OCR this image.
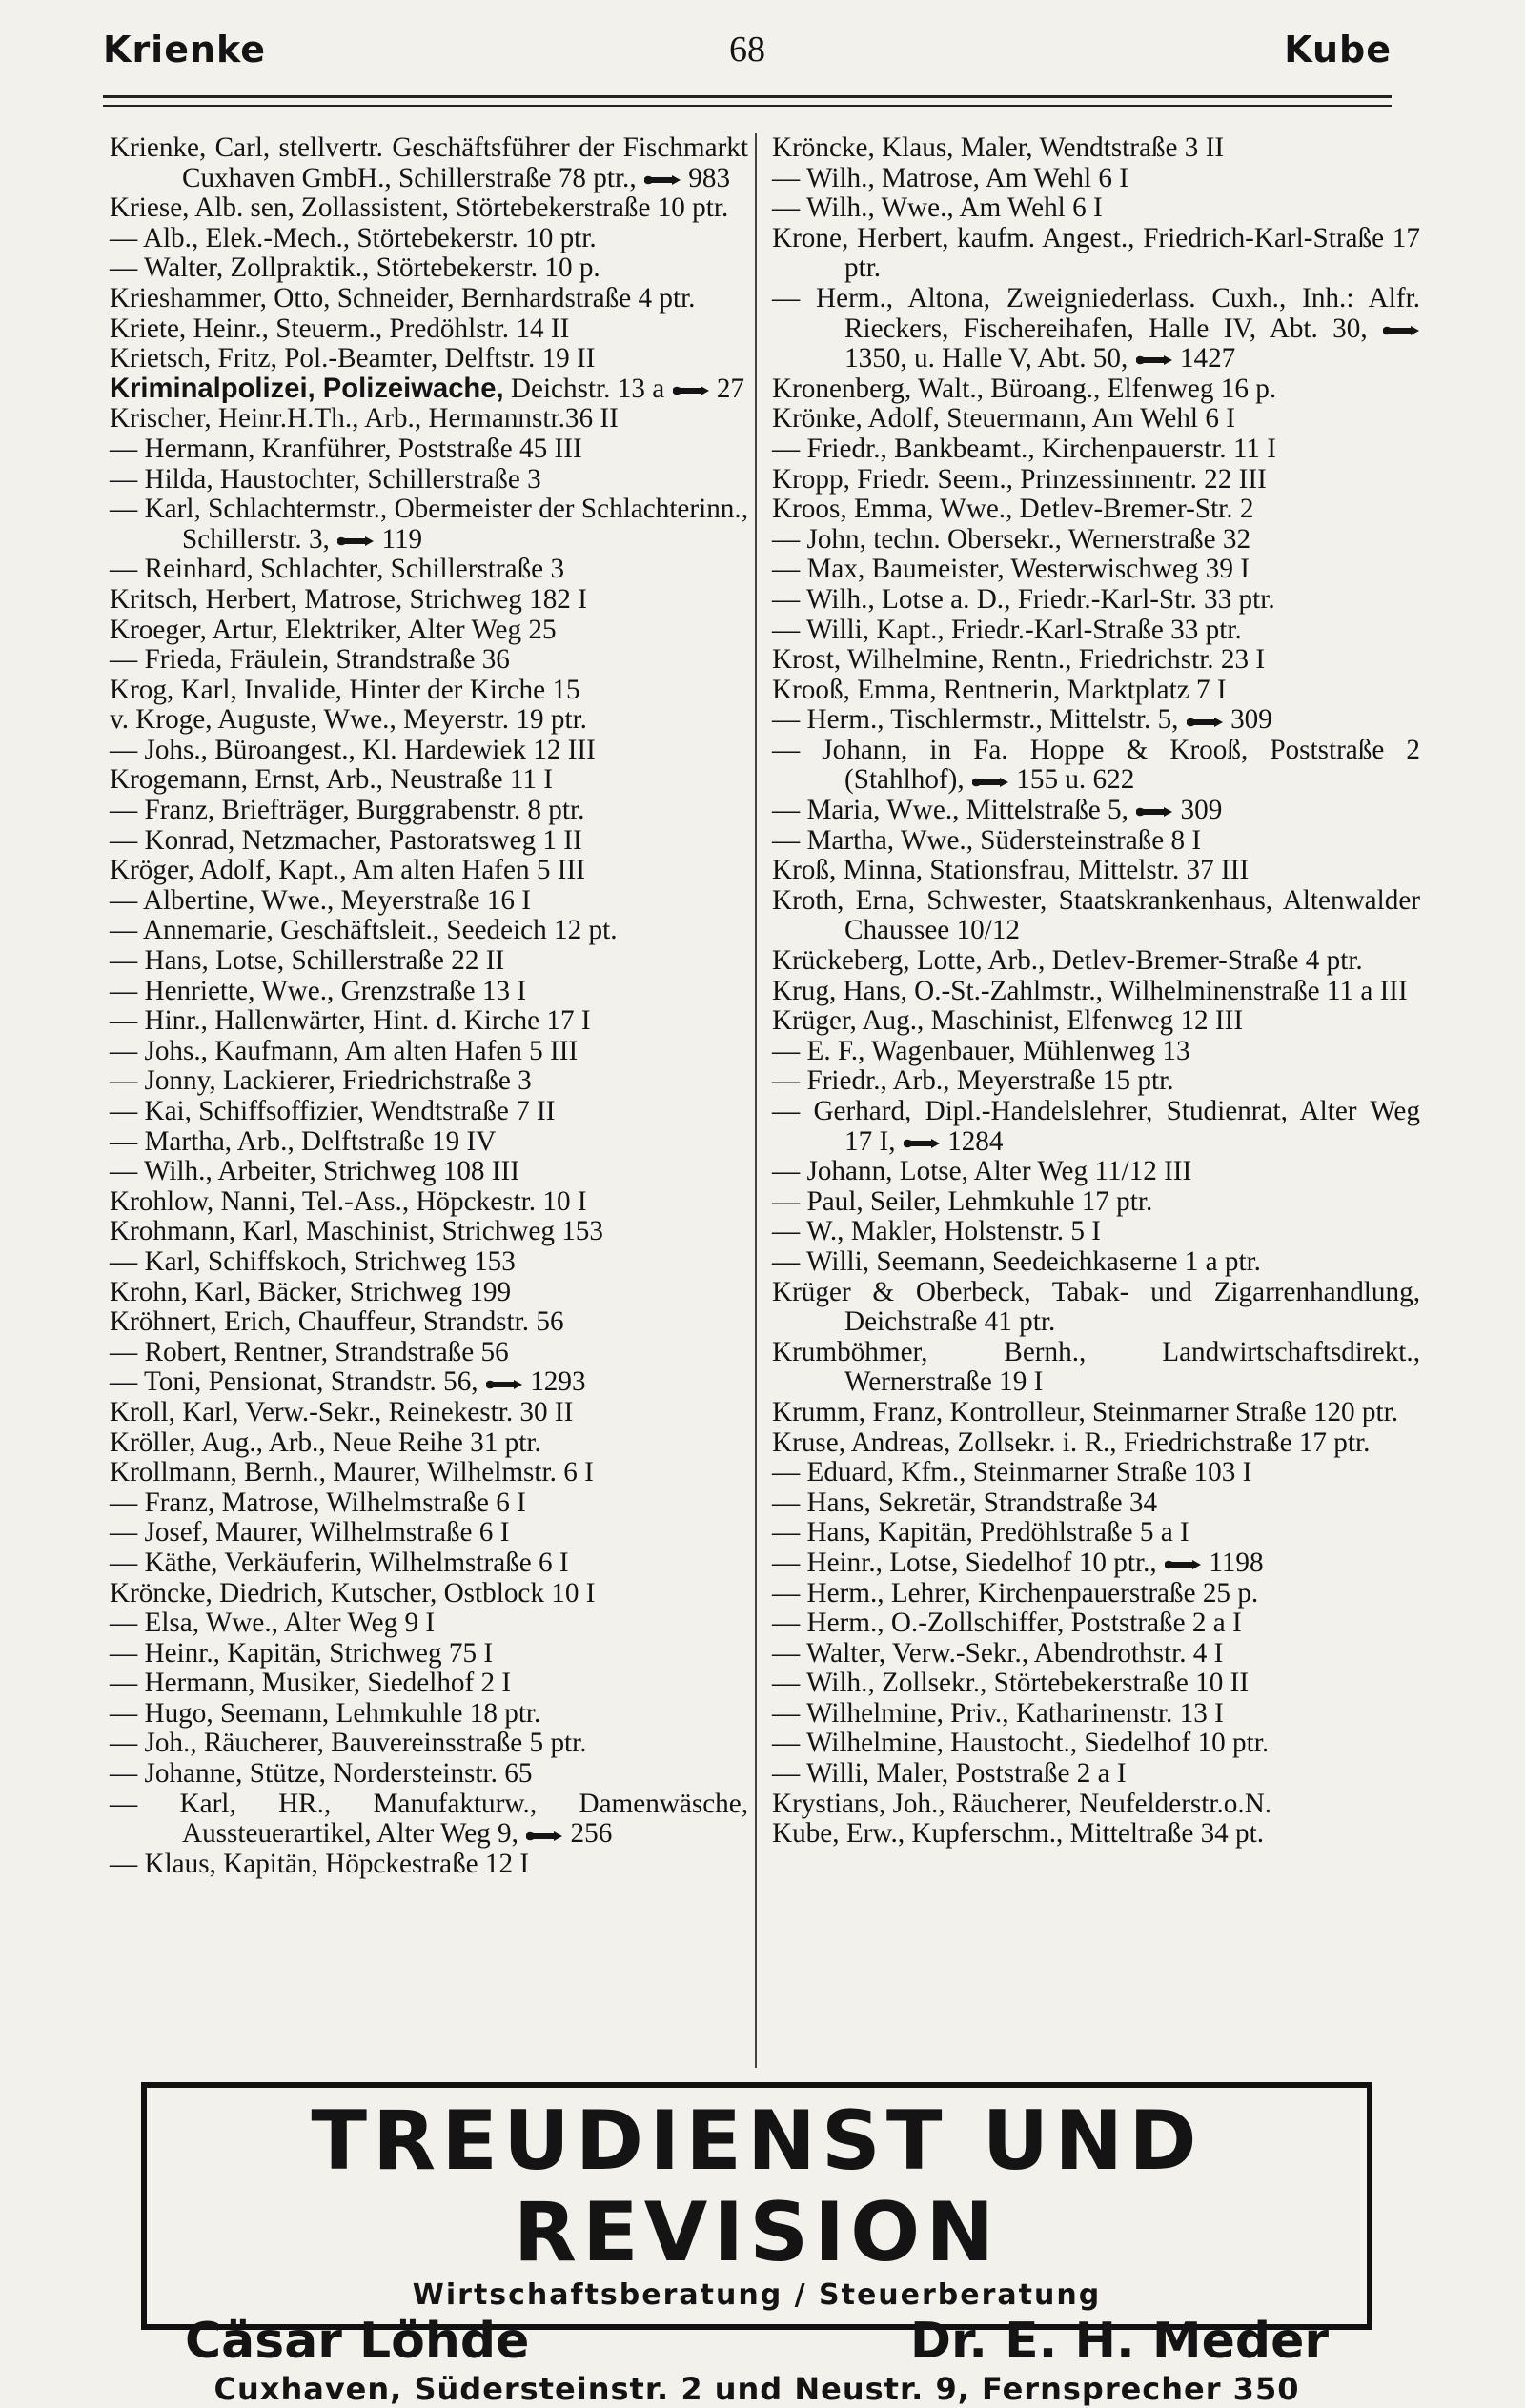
Krienke	68	Kube

Krienke, Carl, stellvertr. Geschäftsführer der Fischmarkt Cuxhaven GmbH., Schillerstraße 78 ptr.,  983

Kriese, Alb. sen, Zollassistent, Störtebekerstraße 10 ptr.

— Alb., Elek.-Mech., Störtebekerstr. 10 ptr.

— Walter, Zollpraktik., Störtebekerstr. 10 p.

Krieshammer, Otto, Schneider, Bernhardstraße 4 ptr.

Kriete, Heinr., Steuerm., Predöhlstr. 14 II

Krietsch, Fritz, Pol.-Beamter, Delftstr. 19 II

Kriminalpolizei, Polizeiwache, Deichstr. 13 a  27

Krischer, Heinr.H.Th., Arb., Hermannstr.36 II

— Hermann, Kranführer, Poststraße 45 III

— Hilda, Haustochter, Schillerstraße 3

— Karl, Schlachtermstr., Obermeister der Schlachterinn., Schillerstr. 3,  119

— Reinhard, Schlachter, Schillerstraße 3

Kritsch, Herbert, Matrose, Strichweg 182 I

Kroeger, Artur, Elektriker, Alter Weg 25

— Frieda, Fräulein, Strandstraße 36

Krog, Karl, Invalide, Hinter der Kirche 15

v. Kroge, Auguste, Wwe., Meyerstr. 19 ptr.

— Johs., Büroangest., Kl. Hardewiek 12 III

Krogemann, Ernst, Arb., Neustraße 11 I

— Franz, Briefträger, Burggrabenstr. 8 ptr.

— Konrad, Netzmacher, Pastoratsweg 1 II

Kröger, Adolf, Kapt., Am alten Hafen 5 III

— Albertine, Wwe., Meyerstraße 16 I

— Annemarie, Geschäftsleit., Seedeich 12 pt.

— Hans, Lotse, Schillerstraße 22 II

— Henriette, Wwe., Grenzstraße 13 I

— Hinr., Hallenwärter, Hint. d. Kirche 17 I

— Johs., Kaufmann, Am alten Hafen 5 III

— Jonny, Lackierer, Friedrichstraße 3

— Kai, Schiffsoffizier, Wendtstraße 7 II

— Martha, Arb., Delftstraße 19 IV

— Wilh., Arbeiter, Strichweg 108 III

Krohlow, Nanni, Tel.-Ass., Höpckestr. 10 I

Krohmann, Karl, Maschinist, Strichweg 153

— Karl, Schiffskoch, Strichweg 153

Krohn, Karl, Bäcker, Strichweg 199

Kröhnert, Erich, Chauffeur, Strandstr. 56

— Robert, Rentner, Strandstraße 56

— Toni, Pensionat, Strandstr. 56,  1293

Kroll, Karl, Verw.-Sekr., Reinekestr. 30 II

Kröller, Aug., Arb., Neue Reihe 31 ptr.

Krollmann, Bernh., Maurer, Wilhelmstr. 6 I

— Franz, Matrose, Wilhelmstraße 6 I

— Josef, Maurer, Wilhelmstraße 6 I

— Käthe, Verkäuferin, Wilhelmstraße 6 I

Kröncke, Diedrich, Kutscher, Ostblock 10 I

— Elsa, Wwe., Alter Weg 9 I

— Heinr., Kapitän, Strichweg 75 I

— Hermann, Musiker, Siedelhof 2 I

— Hugo, Seemann, Lehmkuhle 18 ptr.

— Joh., Räucherer, Bauvereinsstraße 5 ptr.

— Johanne, Stütze, Nordersteinstr. 65

— Karl, HR., Manufakturw., Damenwäsche, Aussteuerartikel, Alter Weg 9,  256

— Klaus, Kapitän, Höpckestraße 12 I

Kröncke, Klaus, Maler, Wendtstraße 3 II

— Wilh., Matrose, Am Wehl 6 I

— Wilh., Wwe., Am Wehl 6 I

Krone, Herbert, kaufm. Angest., Friedrich-Karl-Straße 17 ptr.

— Herm., Altona, Zweigniederlass. Cuxh., Inh.: Alfr. Rieckers, Fischereihafen, Halle IV, Abt. 30,  1350, u. Halle V, Abt. 50,  1427

Kronenberg, Walt., Büroang., Elfenweg 16 p.

Krönke, Adolf, Steuermann, Am Wehl 6 I

— Friedr., Bankbeamt., Kirchenpauerstr. 11 I

Kropp, Friedr. Seem., Prinzessinnentr. 22 III

Kroos, Emma, Wwe., Detlev-Bremer-Str. 2

— John, techn. Obersekr., Wernerstraße 32

— Max, Baumeister, Westerwischweg 39 I

— Wilh., Lotse a. D., Friedr.-Karl-Str. 33 ptr.

— Willi, Kapt., Friedr.-Karl-Straße 33 ptr.

Krost, Wilhelmine, Rentn., Friedrichstr. 23 I

Krooß, Emma, Rentnerin, Marktplatz 7 I

— Herm., Tischlermstr., Mittelstr. 5,  309

— Johann, in Fa. Hoppe & Krooß, Poststraße 2 (Stahlhof),  155 u. 622

— Maria, Wwe., Mittelstraße 5,  309

— Martha, Wwe., Südersteinstraße 8 I

Kroß, Minna, Stationsfrau, Mittelstr. 37 III

Kroth, Erna, Schwester, Staatskrankenhaus, Altenwalder Chaussee 10/12

Krückeberg, Lotte, Arb., Detlev-Bremer-Straße 4 ptr.

Krug, Hans, O.-St.-Zahlmstr., Wilhelminenstraße 11 a III

Krüger, Aug., Maschinist, Elfenweg 12 III

— E. F., Wagenbauer, Mühlenweg 13

— Friedr., Arb., Meyerstraße 15 ptr.

— Gerhard, Dipl.-Handelslehrer, Studienrat, Alter Weg 17 I,  1284

— Johann, Lotse, Alter Weg 11/12 III

— Paul, Seiler, Lehmkuhle 17 ptr.

— W., Makler, Holstenstr. 5 I

— Willi, Seemann, Seedeichkaserne 1 a ptr.

Krüger & Oberbeck, Tabak- und Zigarrenhandlung, Deichstraße 41 ptr.

Krumböhmer, Bernh., Landwirtschaftsdirekt., Wernerstraße 19 I

Krumm, Franz, Kontrolleur, Steinmarner Straße 120 ptr.

Kruse, Andreas, Zollsekr. i. R., Friedrichstraße 17 ptr.

— Eduard, Kfm., Steinmarner Straße 103 I

— Hans, Sekretär, Strandstraße 34

— Hans, Kapitän, Predöhlstraße 5 a I

— Heinr., Lotse, Siedelhof 10 ptr.,  1198

— Herm., Lehrer, Kirchenpauerstraße 25 p.

— Herm., O.-Zollschiffer, Poststraße 2 a I

— Walter, Verw.-Sekr., Abendrothstr. 4 I

— Wilh., Zollsekr., Störtebekerstraße 10 II

— Wilhelmine, Priv., Katharinenstr. 13 I

— Wilhelmine, Haustocht., Siedelhof 10 ptr.

— Willi, Maler, Poststraße 2 a I

Krystians, Joh., Räucherer, Neufelderstr.o.N.

Kube, Erw., Kupferschm., Mitteltraße 34 pt.

TREUDIENST UND REVISION
Wirtschaftsberatung / Steuerberatung
Cäsar Löhde	Dr. E. H. Meder
Cuxhaven, Südersteinstr. 2 und Neustr. 9, Fernsprecher 350
